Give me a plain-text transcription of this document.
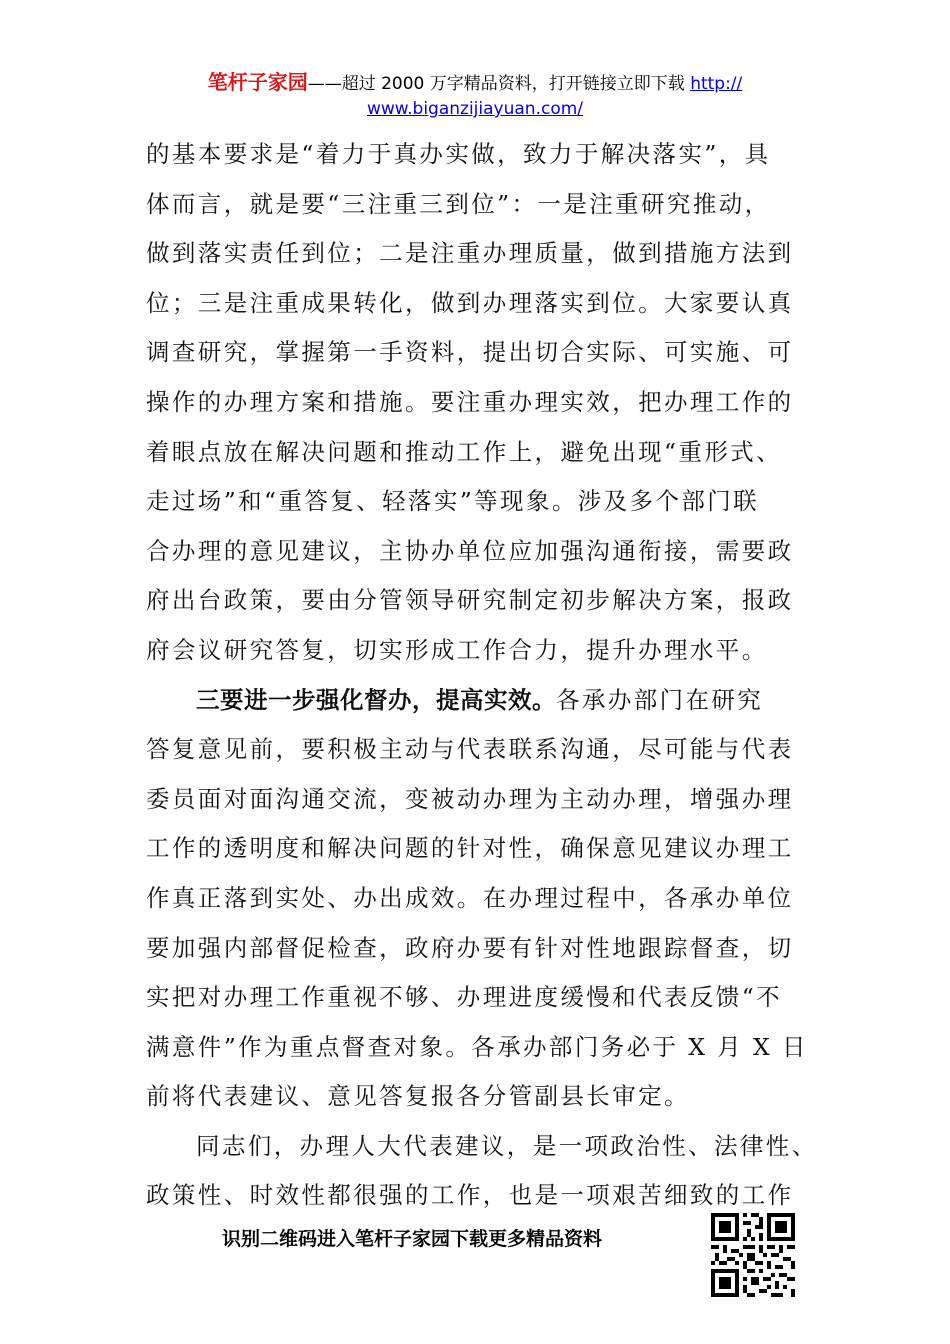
笔杆子家园——超过 2000 万字精品资料，打开链接立即下载 http://
www.biganzijiayuan.com/
的基本要求是“着力于真办实做，致力于解决落实”，具
体而言，就是要“三注重三到位”：一是注重研究推动，
做到落实责任到位；二是注重办理质量，做到措施方法到
位；三是注重成果转化，做到办理落实到位。大家要认真
调查研究，掌握第一手资料，提出切合实际、可实施、可
操作的办理方案和措施。要注重办理实效，把办理工作的
着眼点放在解决问题和推动工作上，避免出现“重形式、
走过场”和“重答复、轻落实”等现象。涉及多个部门联
合办理的意见建议，主协办单位应加强沟通衔接，需要政
府出台政策，要由分管领导研究制定初步解决方案，报政
府会议研究答复，切实形成工作合力，提升办理水平。
三要进一步强化督办，提高实效。各承办部门在研究
答复意见前，要积极主动与代表联系沟通，尽可能与代表
委员面对面沟通交流，变被动办理为主动办理，增强办理
工作的透明度和解决问题的针对性，确保意见建议办理工
作真正落到实处、办出成效。在办理过程中，各承办单位
要加强内部督促检查，政府办要有针对性地跟踪督查，切
实把对办理工作重视不够、办理进度缓慢和代表反馈“不
满意件”作为重点督查对象。各承办部门务必于 X 月 X 日
前将代表建议、意见答复报各分管副县长审定。
同志们，办理人大代表建议，是一项政治性、法律性、
政策性、时效性都很强的工作，也是一项艰苦细致的工作
识别二维码进入笔杆子家园下载更多精品资料
